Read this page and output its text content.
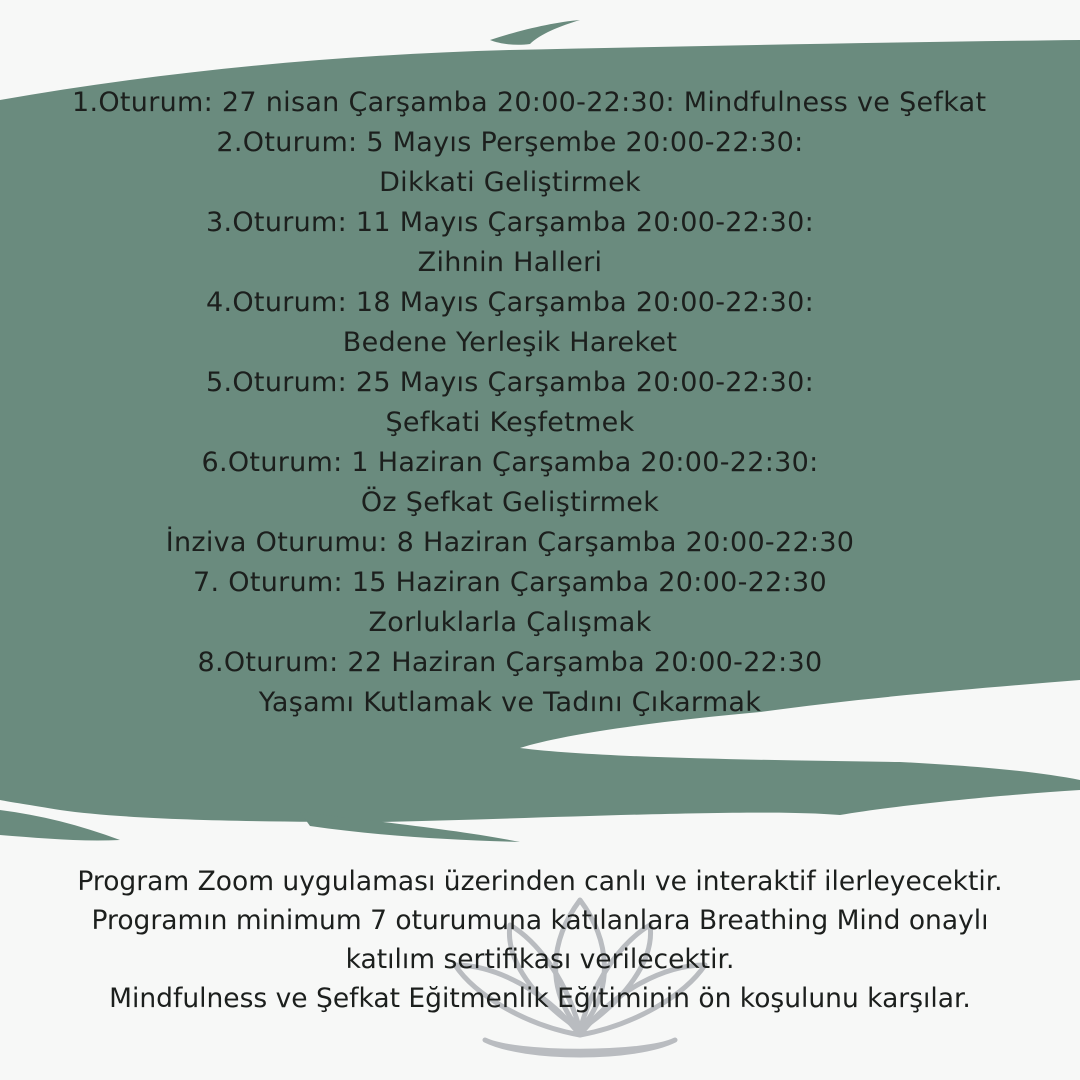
1.Oturum: 27 nisan Çarşamba 20:00-22:30: Mindfulness ve Şefkat
2.Oturum: 5 Mayıs Perşembe 20:00-22:30:
Dikkati Geliştirmek
3.Oturum: 11 Mayıs Çarşamba 20:00-22:30:
Zihnin Halleri
4.Oturum: 18 Mayıs Çarşamba 20:00-22:30:
Bedene Yerleşik Hareket
5.Oturum: 25 Mayıs Çarşamba 20:00-22:30:
Şefkati Keşfetmek
6.Oturum: 1 Haziran Çarşamba 20:00-22:30:
Öz Şefkat Geliştirmek
İnziva Oturumu: 8 Haziran Çarşamba 20:00-22:30
7. Oturum: 15 Haziran Çarşamba 20:00-22:30
Zorluklarla Çalışmak
8.Oturum: 22 Haziran Çarşamba 20:00-22:30
Yaşamı Kutlamak ve Tadını Çıkarmak
Program Zoom uygulaması üzerinden canlı ve interaktif ilerleyecektir.
Programın minimum 7 oturumuna katılanlara Breathing Mind onaylı
katılım sertifikası verilecektir.
Mindfulness ve Şefkat Eğitmenlik Eğitiminin ön koşulunu karşılar.
